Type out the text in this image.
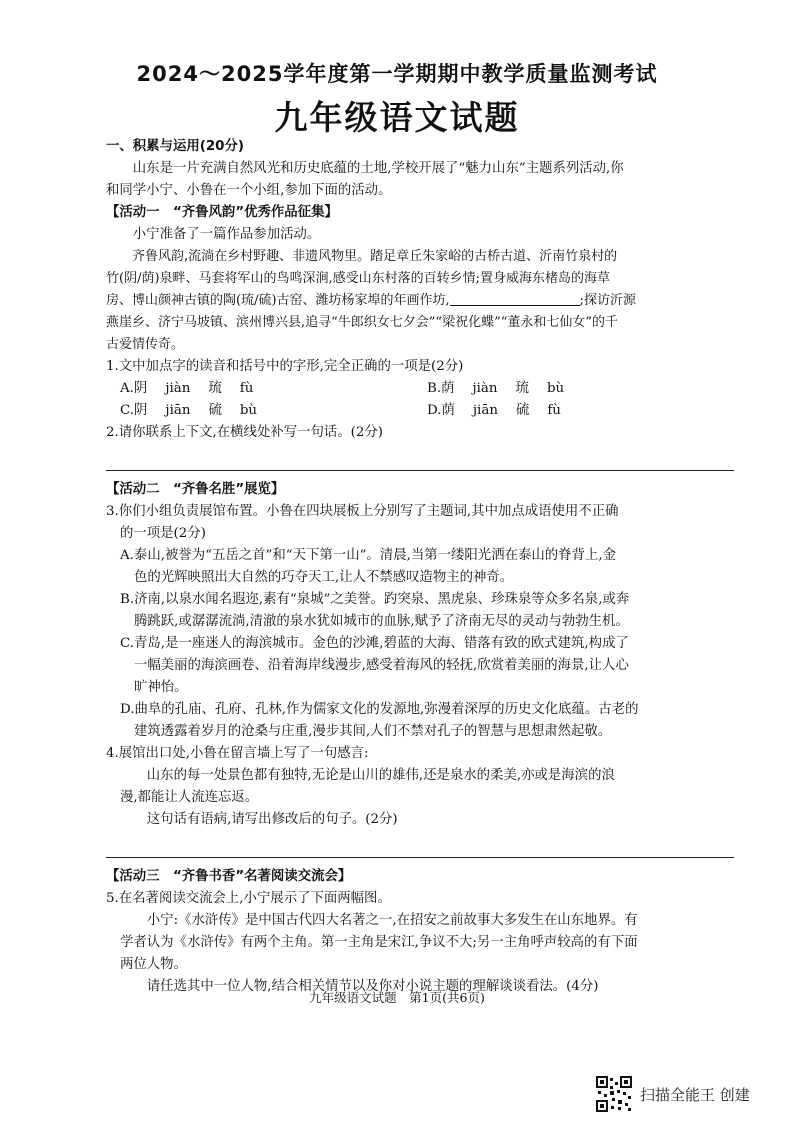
2024～2025学年度第一学期期中教学质量监测考试
九年级语文试题

一、积累与运用(20分)

山东是一片充满自然风光和历史底蕴的土地,学校开展了“魅力山东”主题系列活动,你

和同学小宁、小鲁在一个小组,参加下面的活动。

【活动一　“齐鲁风韵”优秀作品征集】

小宁准备了一篇作品参加活动。

齐鲁风韵,流淌在乡村野趣、非遗风物里。踏足章丘朱家峪的古桥古道、沂南竹泉村的

竹(阴/荫)泉畔、马套将军山的鸟鸣深涧,感受山东村落的百转乡情;置身威海东楮岛的海草

房、博山颜神古镇的陶(琉/硫)古窑、潍坊杨家埠的年画作坊,	;探访沂源

燕崖乡、济宁马坡镇、滨州博兴县,追寻“牛郎织女七夕会”“梁祝化蝶”“董永和七仙女”的千

古爱情传奇。

1.文中加点字的读音和括号中的字形,完全正确的一项是(2分)

A.阴 jiàn 琉 fù	B.荫 jiàn 琉 bù
C.阴 jiān 硫 bù	D.荫 jiān 硫 fù

2.请你联系上下文,在横线处补写一句话。(2分)

【活动二　“齐鲁名胜”展览】

3.你们小组负责展馆布置。小鲁在四块展板上分别写了主题词,其中加点成语使用不正确

的一项是(2分)

A.泰山,被誉为“五岳之首”和“天下第一山”。清晨,当第一缕阳光洒在泰山的脊背上,金

色的光辉映照出大自然的巧夺天工,让人不禁感叹造物主的神奇。

B.济南,以泉水闻名遐迩,素有“泉城”之美誉。趵突泉、黑虎泉、珍珠泉等众多名泉,或奔

腾跳跃,或潺潺流淌,清澈的泉水犹如城市的血脉,赋予了济南无尽的灵动与勃勃生机。

C.青岛,是一座迷人的海滨城市。金色的沙滩,碧蓝的大海、错落有致的欧式建筑,构成了

一幅美丽的海滨画卷、沿着海岸线漫步,感受着海风的轻抚,欣赏着美丽的海景,让人心

旷神怡。

D.曲阜的孔庙、孔府、孔林,作为儒家文化的发源地,弥漫着深厚的历史文化底蕴。古老的

建筑透露着岁月的沧桑与庄重,漫步其间,人们不禁对孔子的智慧与思想肃然起敬。

4.展馆出口处,小鲁在留言墙上写了一句感言:

山东的每一处景色都有独特,无论是山川的雄伟,还是泉水的柔美,亦或是海滨的浪

漫,都能让人流连忘返。

这句话有语病,请写出修改后的句子。(2分)

【活动三　“齐鲁书香”名著阅读交流会】

5.在名著阅读交流会上,小宁展示了下面两幅图。

小宁:《水浒传》是中国古代四大名著之一,在招安之前故事大多发生在山东地界。有

学者认为《水浒传》有两个主角。第一主角是宋江,争议不大;另一主角呼声较高的有下面

两位人物。

请任选其中一位人物,结合相关情节以及你对小说主题的理解谈谈看法。(4分)

九年级语文试题　第1页(共6页)
扫描全能王 创建
